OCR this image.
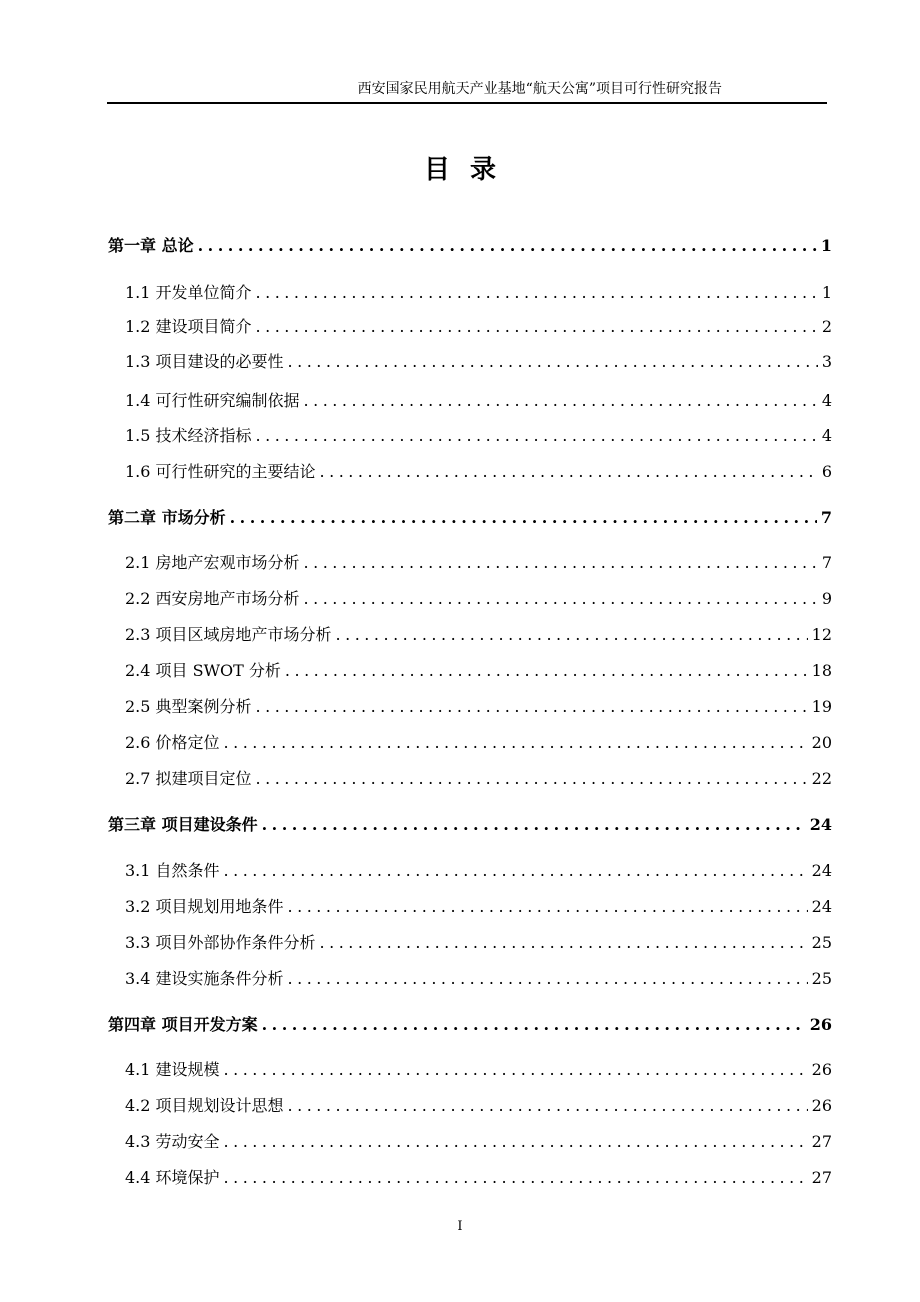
西安国家民用航天产业基地“航天公寓”项目可行性研究报告
目录
第一章 总论 .....	1
1.1 开发单位简介 .....	1
1.2 建设项目简介 .....	2
1.3 项目建设的必要性 .....	3
1.4 可行性研究编制依据 .....	4
1.5 技术经济指标 .....	4
1.6 可行性研究的主要结论 .....	6
第二章 市场分析 .....	7
2.1 房地产宏观市场分析 .....	7
2.2 西安房地产市场分析 .....	9
2.3 项目区域房地产市场分析 .....	12
2.4 项目 SWOT 分析 .....	18
2.5 典型案例分析 .....	19
2.6 价格定位 .....	20
2.7 拟建项目定位 .....	22
第三章 项目建设条件 .....	24
3.1 自然条件 .....	24
3.2 项目规划用地条件 .....	24
3.3 项目外部协作条件分析 .....	25
3.4 建设实施条件分析 .....	25
第四章 项目开发方案 .....	26
4.1 建设规模 .....	26
4.2 项目规划设计思想 .....	26
4.3 劳动安全 .....	27
4.4 环境保护 .....	27
I
